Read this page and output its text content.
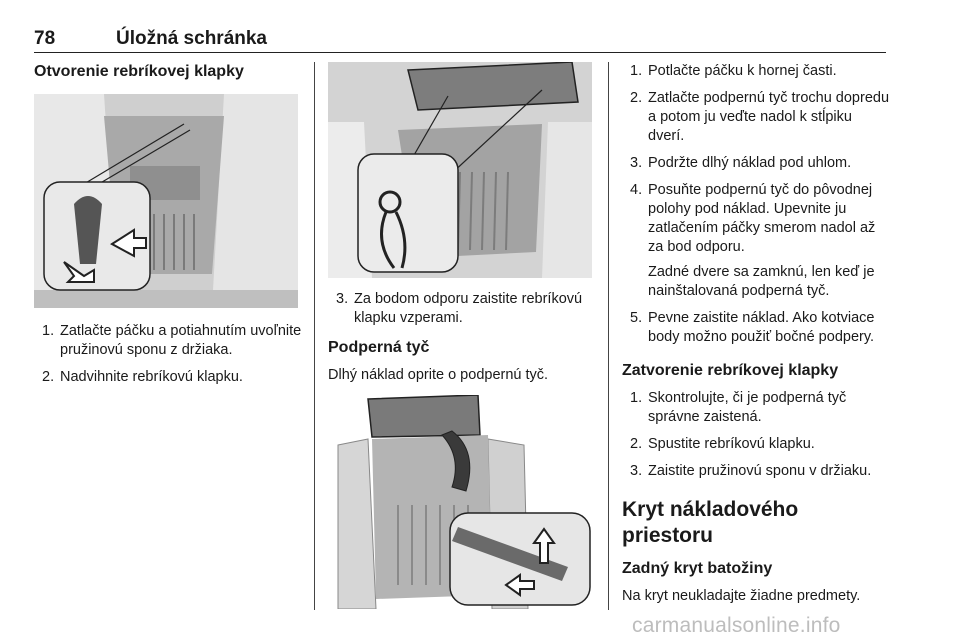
78	Úložná schránka
Otvorenie rebríkovej klapky
1. Zatlačte páčku a potiahnutím uvoľnite pružinovú sponu z držiaka.
2. Nadvihnite rebríkovú klapku.
3. Za bodom odporu zaistite rebríkovú klapku vzperami.
Podperná tyč

Dlhý náklad oprite o podpernú tyč.

1. Potlačte páčku k hornej časti.
2. Zatlačte podpernú tyč trochu dopredu a potom ju veďte nadol k stĺpiku dverí.
3. Podržte dlhý náklad pod uhlom.
4. Posuňte podpernú tyč do pôvodnej polohy pod náklad. Upevnite ju zatlačením páčky smerom nadol až za bod odporu.
Zadné dvere sa zamknú, len keď je nainštalovaná podperná tyč.
5. Pevne zaistite náklad. Ako kotviace body možno použiť bočné podpery.
Zatvorenie rebríkovej klapky
1. Skontrolujte, či je podperná tyč správne zaistená.
2. Spustite rebríkovú klapku.
3. Zaistite pružinovú sponu v držiaku.
Kryt nákladového priestoru
Zadný kryt batožiny

Na kryt neukladajte žiadne predmety.

carmanualsonline.info
